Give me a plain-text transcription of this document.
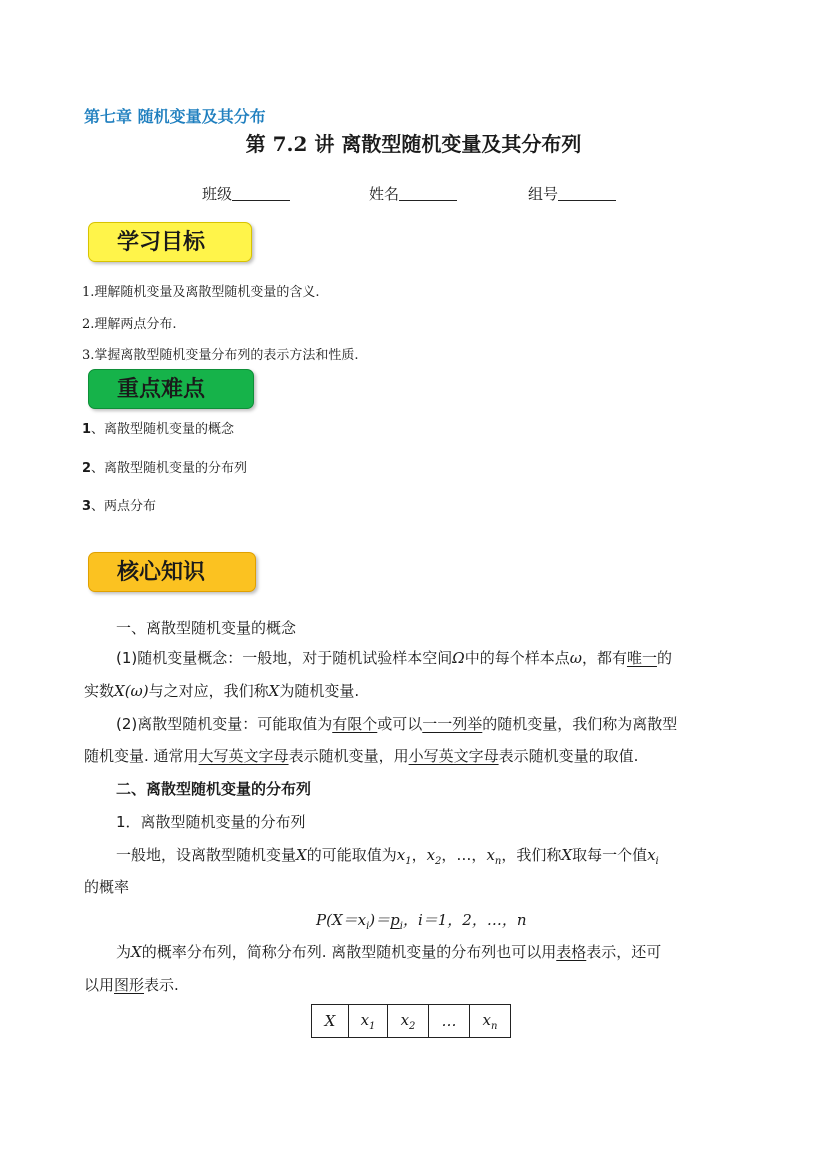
第七章 随机变量及其分布
第 7.2 讲 离散型随机变量及其分布列
班级	姓名	组号
学习目标
1.理解随机变量及离散型随机变量的含义.
2.理解两点分布.
3.掌握离散型随机变量分布列的表示方法和性质.
重点难点
1、离散型随机变量的概念
2、离散型随机变量的分布列
3、两点分布
核心知识
一、离散型随机变量的概念
(1)随机变量概念：一般地，对于随机试验样本空间Ω中的每个样本点ω，都有唯一的
实数X(ω)与之对应，我们称X为随机变量.
(2)离散型随机变量：可能取值为有限个或可以一一列举的随机变量，我们称为离散型
随机变量. 通常用大写英文字母表示随机变量，用小写英文字母表示随机变量的取值.
二、离散型随机变量的分布列
1．离散型随机变量的分布列
一般地，设离散型随机变量X的可能取值为$x_1$，$x_2$，…，$x_n$，我们称X取每一个值$x_i$
的概率
$P(X=x_i)=p_i$，i＝1，2，…，n
为X的概率分布列，简称分布列. 离散型随机变量的分布列也可以用表格表示，还可
以用图形表示.
X	$x_1$	$x_2$	…	$x_n$
